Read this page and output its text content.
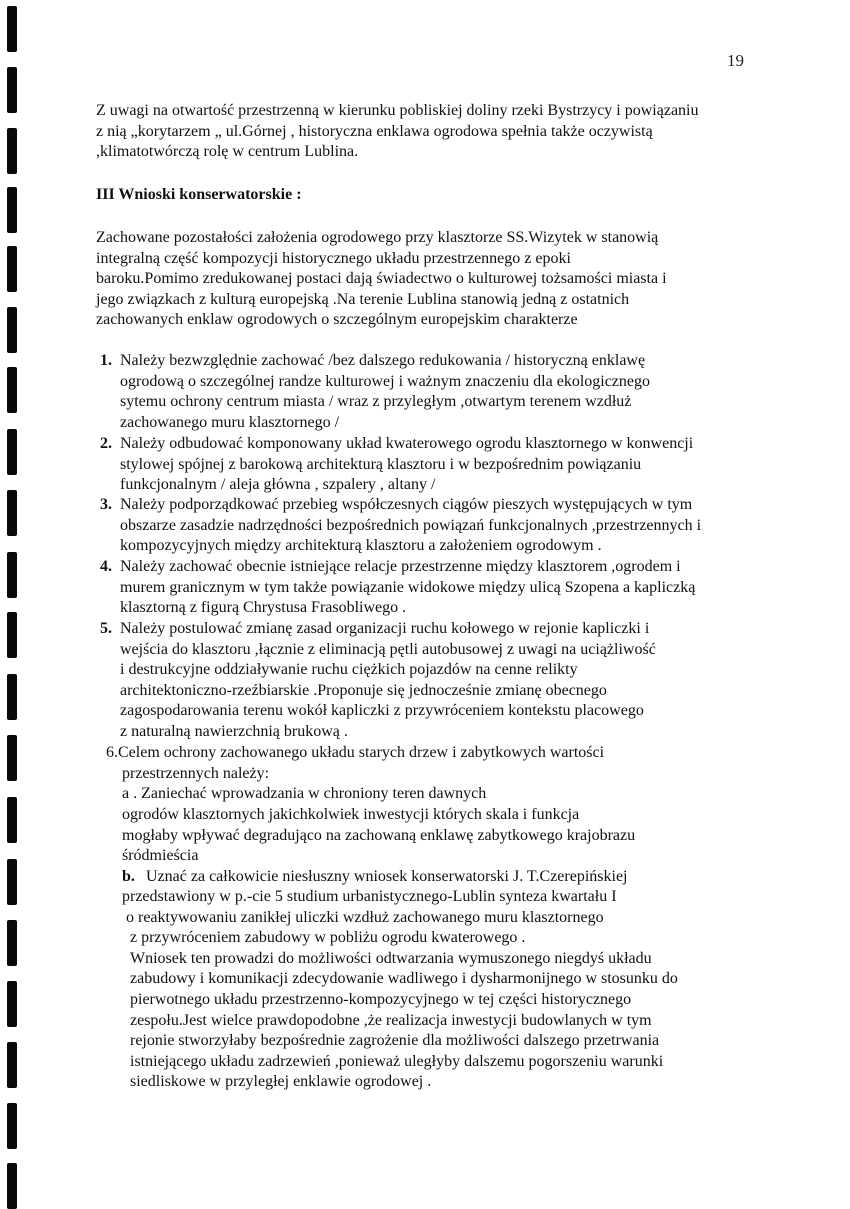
19
Z uwagi na otwartość przestrzenną w kierunku pobliskiej doliny rzeki Bystrzycy i powiązaniu
z nią „korytarzem „ ul.Górnej , historyczna enklawa ogrodowa spełnia także oczywistą
,klimatotwórczą rolę w centrum Lublina.
III Wnioski konserwatorskie :
Zachowane pozostałości założenia ogrodowego przy klasztorze SS.Wizytek w stanowią
integralną część kompozycji historycznego układu przestrzennego z epoki
baroku.Pomimo zredukowanej postaci dają świadectwo o kulturowej tożsamości miasta i
jego związkach z kulturą europejską .Na terenie Lublina stanowią jedną z ostatnich
zachowanych enklaw ogrodowych o szczególnym europejskim charakterze
1. Należy bezwzględnie zachować /bez dalszego redukowania / historyczną enklawę
ogrodową o szczególnej randze kulturowej i ważnym znaczeniu dla ekologicznego
sytemu ochrony centrum miasta / wraz z przyległym ,otwartym terenem wzdłuż
zachowanego muru klasztornego /
2. Należy odbudować komponowany układ kwaterowego ogrodu klasztornego w konwencji
stylowej spójnej z barokową architekturą klasztoru i w bezpośrednim powiązaniu
funkcjonalnym / aleja główna , szpalery , altany /
3. Należy podporządkować przebieg współczesnych ciągów pieszych występujących w tym
obszarze zasadzie nadrzędności bezpośrednich powiązań funkcjonalnych ,przestrzennych i
kompozycyjnych między architekturą klasztoru a założeniem ogrodowym .
4. Należy zachować obecnie istniejące relacje przestrzenne między klasztorem ,ogrodem i
murem granicznym w tym także powiązanie widokowe między ulicą Szopena a kapliczką
klasztorną z figurą Chrystusa Frasobliwego .
5. Należy postulować zmianę zasad organizacji ruchu kołowego w rejonie kapliczki i
wejścia do klasztoru ,łącznie z eliminacją pętli autobusowej z uwagi na uciążliwość
i destrukcyjne oddziaływanie ruchu ciężkich pojazdów na cenne relikty
architektoniczno-rzeźbiarskie .Proponuje się jednocześnie zmianę obecnego
zagospodarowania terenu wokół kapliczki z przywróceniem kontekstu placowego
z naturalną nawierzchnią brukową .
6.Celem ochrony zachowanego układu starych drzew i zabytkowych wartości
przestrzennych należy:
a . Zaniechać wprowadzania w chroniony teren dawnych
ogrodów klasztornych jakichkolwiek inwestycji których skala i funkcja
mogłaby wpływać degradująco na zachowaną enklawę zabytkowego krajobrazu
śródmieścia
b. Uznać za całkowicie niesłuszny wniosek konserwatorski J. T.Czerepińskiej
przedstawiony w p.-cie 5 studium urbanistycznego-Lublin synteza kwartału I
o reaktywowaniu zanikłej uliczki wzdłuż zachowanego muru klasztornego
z przywróceniem zabudowy w pobliżu ogrodu kwaterowego .
Wniosek ten prowadzi do możliwości odtwarzania wymuszonego niegdyś układu
zabudowy i komunikacji zdecydowanie wadliwego i dysharmonijnego w stosunku do
pierwotnego układu przestrzenno-kompozycyjnego w tej części historycznego
zespołu.Jest wielce prawdopodobne ,że realizacja inwestycji budowlanych w tym
rejonie stworzyłaby bezpośrednie zagrożenie dla możliwości dalszego przetrwania
istniejącego układu zadrzewień ,ponieważ uległyby dalszemu pogorszeniu warunki
siedliskowe w przyległej enklawie ogrodowej .
